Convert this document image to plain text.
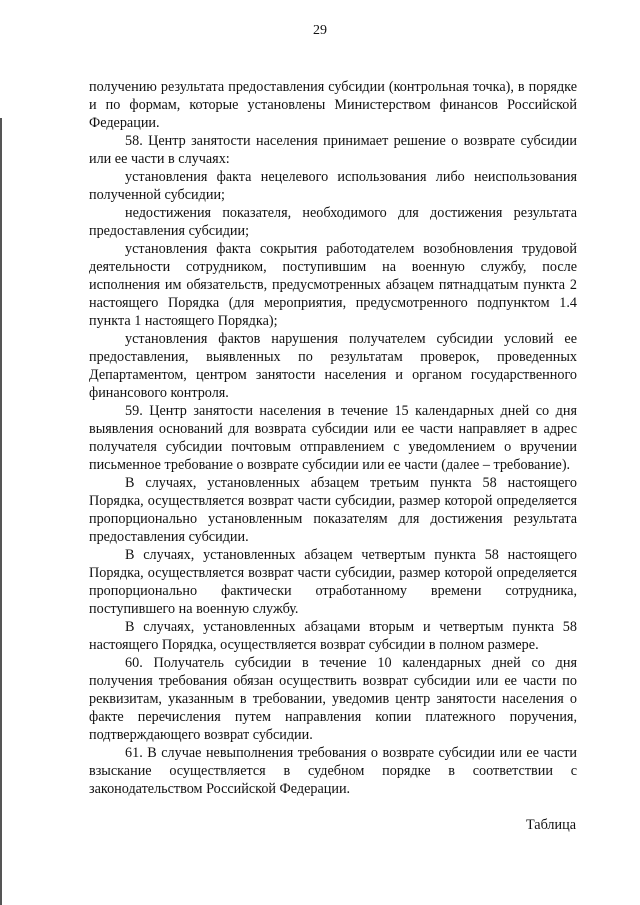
29

получению результата предоставления субсидии (контрольная точка), в порядке и по формам, которые установлены Министерством финансов Российской Федерации.

58. Центр занятости населения принимает решение о возврате субсидии или ее части в случаях:

установления факта нецелевого использования либо неиспользования полученной субсидии;

недостижения показателя, необходимого для достижения результата предоставления субсидии;

установления факта сокрытия работодателем возобновления трудовой деятельности сотрудником, поступившим на военную службу, после исполнения им обязательств, предусмотренных абзацем пятнадцатым пункта 2 настоящего Порядка (для мероприятия, предусмотренного подпунктом 1.4 пункта 1 настоящего Порядка);

установления фактов нарушения получателем субсидии условий ее предоставления, выявленных по результатам проверок, проведенных Департаментом, центром занятости населения и органом государственного финансового контроля.

59. Центр занятости населения в течение 15 календарных дней со дня выявления оснований для возврата субсидии или ее части направляет в адрес получателя субсидии почтовым отправлением с уведомлением о вручении письменное требование о возврате субсидии или ее части (далее – требование).

В случаях, установленных абзацем третьим пункта 58 настоящего Порядка, осуществляется возврат части субсидии, размер которой определяется пропорционально установленным показателям для достижения результата предоставления субсидии.

В случаях, установленных абзацем четвертым пункта 58 настоящего Порядка, осуществляется возврат части субсидии, размер которой определяется пропорционально фактически отработанному времени сотрудника, поступившего на военную службу.

В случаях, установленных абзацами вторым и четвертым пункта 58 настоящего Порядка, осуществляется возврат субсидии в полном размере.

60. Получатель субсидии в течение 10 календарных дней со дня получения требования обязан осуществить возврат субсидии или ее части по реквизитам, указанным в требовании, уведомив центр занятости населения о факте перечисления путем направления копии платежного поручения, подтверждающего возврат субсидии.

61. В случае невыполнения требования о возврате субсидии или ее части взыскание осуществляется в судебном порядке в соответствии с законодательством Российской Федерации.

Таблица
